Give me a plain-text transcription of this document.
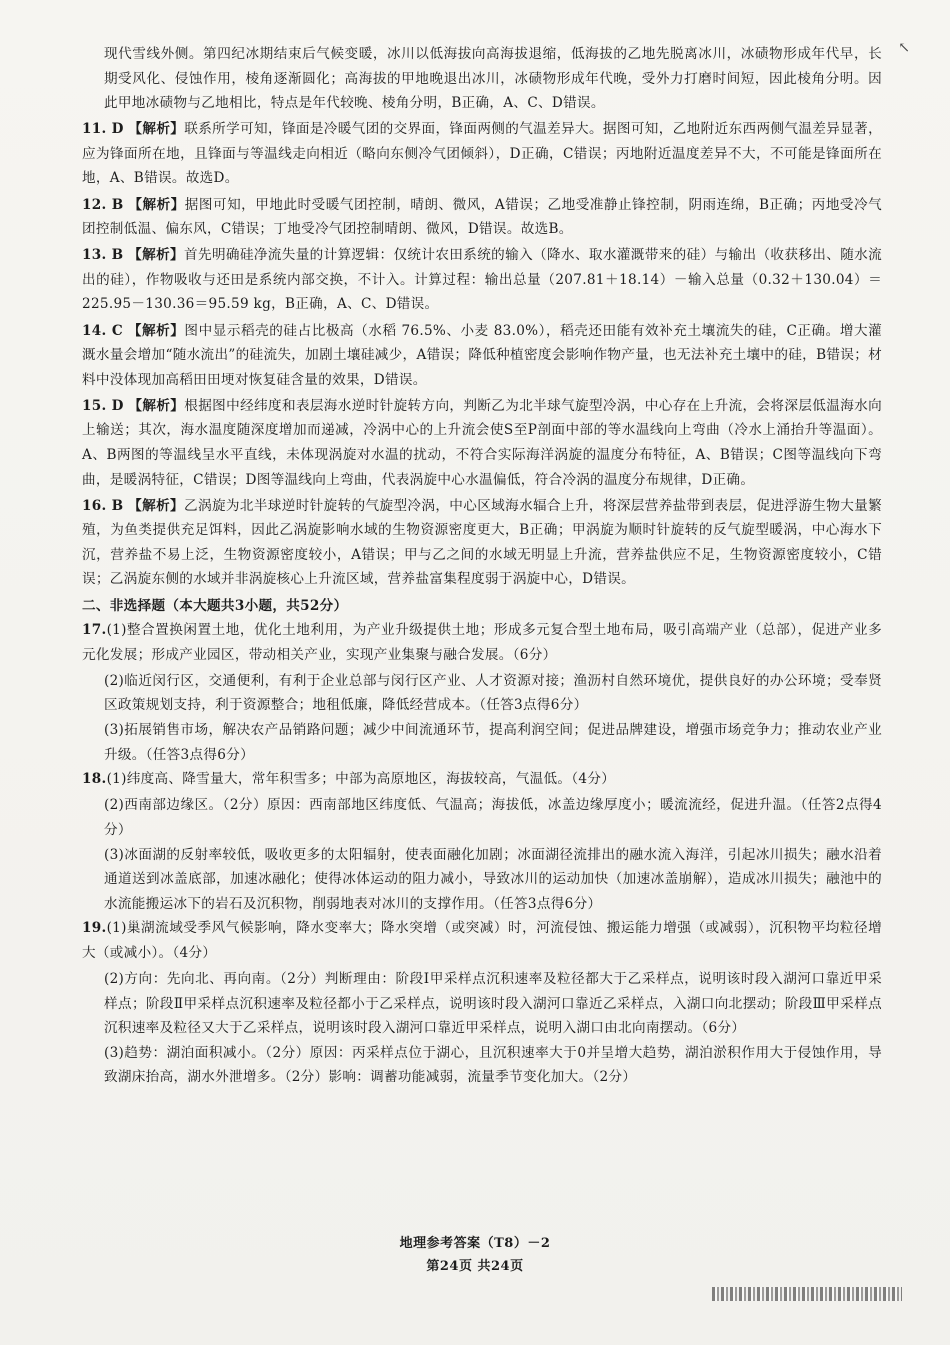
↖

现代雪线外侧。第四纪冰期结束后气候变暖，冰川以低海拔向高海拔退缩，低海拔的乙地先脱离冰川，冰碛物形成年代早，长期受风化、侵蚀作用，棱角逐渐圆化；高海拔的甲地晚退出冰川，冰碛物形成年代晚，受外力打磨时间短，因此棱角分明。因此甲地冰碛物与乙地相比，特点是年代较晚、棱角分明，B正确，A、C、D错误。

11. D 【解析】联系所学可知，锋面是冷暖气团的交界面，锋面两侧的气温差异大。据图可知，乙地附近东西两侧气温差异显著，应为锋面所在地，且锋面与等温线走向相近（略向东侧冷气团倾斜），D正确，C错误；丙地附近温度差异不大，不可能是锋面所在地，A、B错误。故选D。

12. B 【解析】据图可知，甲地此时受暖气团控制，晴朗、微风，A错误；乙地受准静止锋控制，阴雨连绵，B正确；丙地受冷气团控制低温、偏东风，C错误；丁地受冷气团控制晴朗、微风，D错误。故选B。

13. B 【解析】首先明确硅净流失量的计算逻辑：仅统计农田系统的输入（降水、取水灌溉带来的硅）与输出（收获移出、随水流出的硅），作物吸收与还田是系统内部交换，不计入。计算过程：输出总量（207.81＋18.14）－输入总量（0.32＋130.04）＝225.95－130.36＝95.59 kg，B正确，A、C、D错误。

14. C 【解析】图中显示稻壳的硅占比极高（水稻 76.5%、小麦 83.0%），稻壳还田能有效补充土壤流失的硅，C正确。增大灌溉水量会增加“随水流出”的硅流失，加剧土壤硅减少，A错误；降低种植密度会影响作物产量，也无法补充土壤中的硅，B错误；材料中没体现加高稻田田埂对恢复硅含量的效果，D错误。

15. D 【解析】根据图中经纬度和表层海水逆时针旋转方向，判断乙为北半球气旋型冷涡，中心存在上升流，会将深层低温海水向上输送；其次，海水温度随深度增加而递减，冷涡中心的上升流会使S至P剖面中部的等水温线向上弯曲（冷水上涌抬升等温面）。A、B两图的等温线呈水平直线，未体现涡旋对水温的扰动，不符合实际海洋涡旋的温度分布特征，A、B错误；C图等温线向下弯曲，是暖涡特征，C错误；D图等温线向上弯曲，代表涡旋中心水温偏低，符合冷涡的温度分布规律，D正确。

16. B 【解析】乙涡旋为北半球逆时针旋转的气旋型冷涡，中心区域海水辐合上升，将深层营养盐带到表层，促进浮游生物大量繁殖，为鱼类提供充足饵料，因此乙涡旋影响水域的生物资源密度更大，B正确；甲涡旋为顺时针旋转的反气旋型暖涡，中心海水下沉，营养盐不易上泛，生物资源密度较小，A错误；甲与乙之间的水域无明显上升流，营养盐供应不足，生物资源密度较小，C错误；乙涡旋东侧的水域并非涡旋核心上升流区域，营养盐富集程度弱于涡旋中心，D错误。

二、非选择题（本大题共3小题，共52分）

17.(1)整合置换闲置土地，优化土地利用，为产业升级提供土地；形成多元复合型土地布局，吸引高端产业（总部），促进产业多元化发展；形成产业园区，带动相关产业，实现产业集聚与融合发展。（6分）

(2)临近闵行区，交通便利，有利于企业总部与闵行区产业、人才资源对接；渔沥村自然环境优，提供良好的办公环境；受奉贤区政策规划支持，利于资源整合；地租低廉，降低经营成本。（任答3点得6分）

(3)拓展销售市场，解决农产品销路问题；减少中间流通环节，提高利润空间；促进品牌建设，增强市场竞争力；推动农业产业升级。（任答3点得6分）

18.(1)纬度高、降雪量大，常年积雪多；中部为高原地区，海拔较高，气温低。（4分）

(2)西南部边缘区。（2分）原因：西南部地区纬度低、气温高；海拔低，冰盖边缘厚度小；暖流流经，促进升温。（任答2点得4分）

(3)冰面湖的反射率较低，吸收更多的太阳辐射，使表面融化加剧；冰面湖径流排出的融水流入海洋，引起冰川损失；融水沿着通道送到冰盖底部，加速冰融化；使得冰体运动的阻力减小，导致冰川的运动加快（加速冰盖崩解），造成冰川损失；融池中的水流能搬运冰下的岩石及沉积物，削弱地表对冰川的支撑作用。（任答3点得6分）

19.(1)巢湖流域受季风气候影响，降水变率大；降水突增（或突减）时，河流侵蚀、搬运能力增强（或减弱），沉积物平均粒径增大（或减小）。（4分）

(2)方向：先向北、再向南。（2分）判断理由：阶段Ⅰ甲采样点沉积速率及粒径都大于乙采样点，说明该时段入湖河口靠近甲采样点；阶段Ⅱ甲采样点沉积速率及粒径都小于乙采样点，说明该时段入湖河口靠近乙采样点，入湖口向北摆动；阶段Ⅲ甲采样点沉积速率及粒径又大于乙采样点，说明该时段入湖河口靠近甲采样点，说明入湖口由北向南摆动。（6分）

(3)趋势：湖泊面积减小。（2分）原因：丙采样点位于湖心，且沉积速率大于0并呈增大趋势，湖泊淤积作用大于侵蚀作用，导致湖床抬高，湖水外泄增多。（2分）影响：调蓄功能减弱，流量季节变化加大。（2分）

地理参考答案（T8）－2
第24页 共24页
